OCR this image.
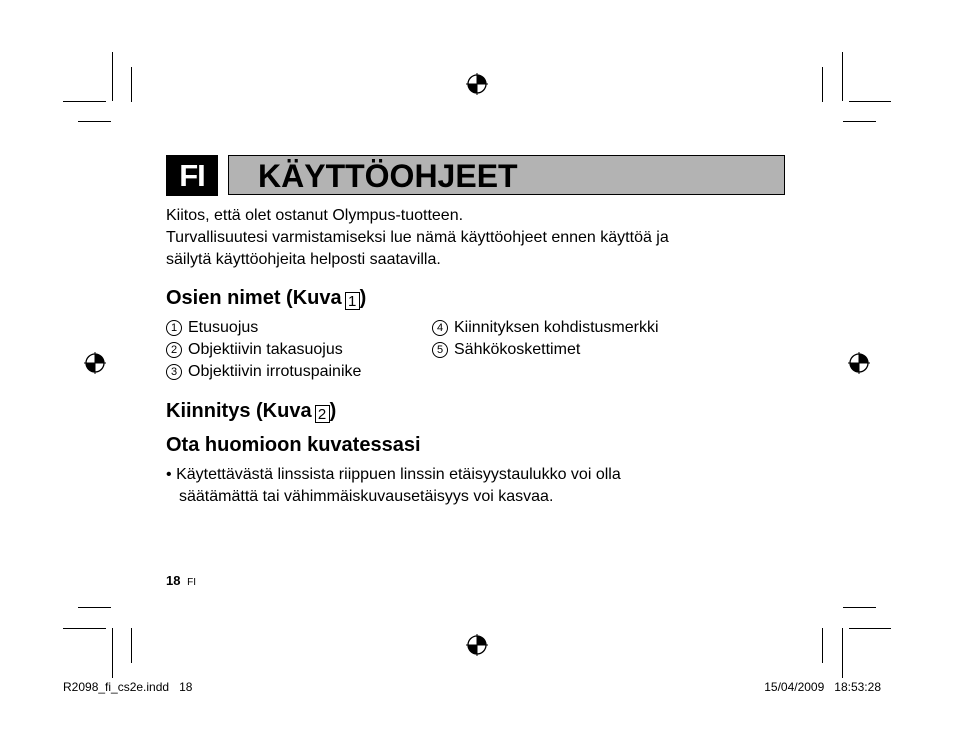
FI	KÄYTTÖOHJEET
Kiitos, että olet ostanut Olympus-tuotteen.
Turvallisuutesi varmistamiseksi lue nämä käyttöohjeet ennen käyttöä ja
säilytä käyttöohjeita helposti saatavilla.
Osien nimet (Kuva 1 )
1 Etusuojus
2 Objektiivin takasuojus
3 Objektiivin irrotuspainike
4 Kiinnityksen kohdistusmerkki
5 Sähkökoskettimet
Kiinnitys (Kuva 2 )
Ota huomioon kuvatessasi
• Käytettävästä linssista riippuen linssin etäisyystaulukko voi olla
säätämättä tai vähimmäiskuvausetäisyys voi kasvaa.
18 FI
R2098_fi_cs2e.indd   18	15/04/2009   18:53:28
